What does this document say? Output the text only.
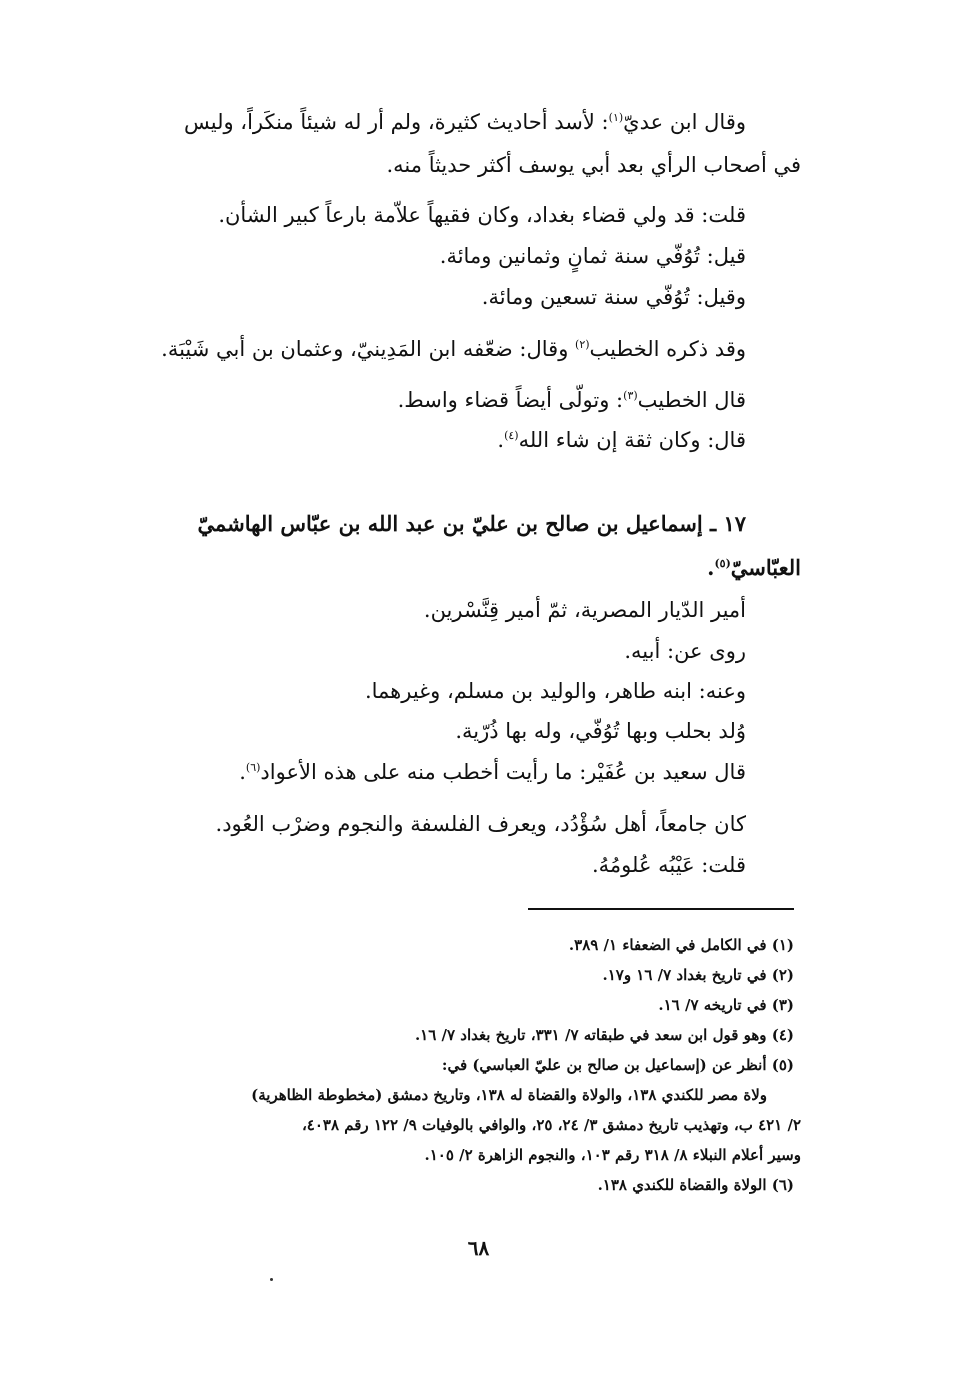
وقال ابن عديّ$^{(١)}$: لأسد أحاديث كثيرة، ولم أر له شيئاً منكَراً، وليس
في أصحاب الرأي بعد أبي يوسف أكثر حديثاً منه.
قلت: قد ولي قضاء بغداد، وكان فقيهاً علاّمة بارعاً كبير الشأن.
قيل: تُوُفّي سنة ثمانٍ وثمانين ومائة.
وقيل: تُوُفّي سنة تسعين ومائة.
وقد ذكره الخطيب$^{(٢)}$ وقال: ضعّفه ابن المَدِينيّ، وعثمان بن أبي شَيْبَة.
قال الخطيب$^{(٣)}$: وتولّى أيضاً قضاء واسط.
قال: وكان ثقة إن شاء الله$^{(٤)}$.
١٧ ـ إسماعيل بن صالح بن عليّ بن عبد الله بن عبّاس الهاشميّ
العبّاسيّ$^{(٥)}$.
أمير الدّيار المصرية، ثمّ أمير قِنَّسْرين.
روى عن: أبيه.
وعنه: ابنه طاهر، والوليد بن مسلم، وغيرهما.
وُلد بحلب وبها تُوُفّي، وله بها ذُرّية.
قال سعيد بن عُفَيْر: ما رأيت أخطب منه على هذه الأعواد$^{(٦)}$.
كان جامعاً، أهل سُؤْدُد، ويعرف الفلسفة والنجوم وضرْب العُود.
قلت: عَيْبُه عُلومُهُ.
(١) في الكامل في الضعفاء ١/ ٣٨٩.
(٢) في تاريخ بغداد ٧/ ١٦ و١٧.
(٣) في تاريخه ٧/ ١٦.
(٤) وهو قول ابن سعد في طبقاته ٧/ ٣٣١، تاريخ بغداد ٧/ ١٦.
(٥) أنظر عن (إسماعيل بن صالح بن عليّ العباسي) في:
ولاة مصر للكندي ١٣٨، والولاة والقضاة له ١٣٨، وتاريخ دمشق (مخطوطة الظاهرية)
٢/ ٤٢١ ب، وتهذيب تاريخ دمشق ٣/ ٢٤، ٢٥، والوافي بالوفيات ٩/ ١٢٢ رقم ٤٠٣٨،
وسير أعلام النبلاء ٨/ ٣١٨ رقم ١٠٣، والنجوم الزاهرة ٢/ ١٠٥.
(٦) الولاة والقضاة للكندي ١٣٨.
٦٨
